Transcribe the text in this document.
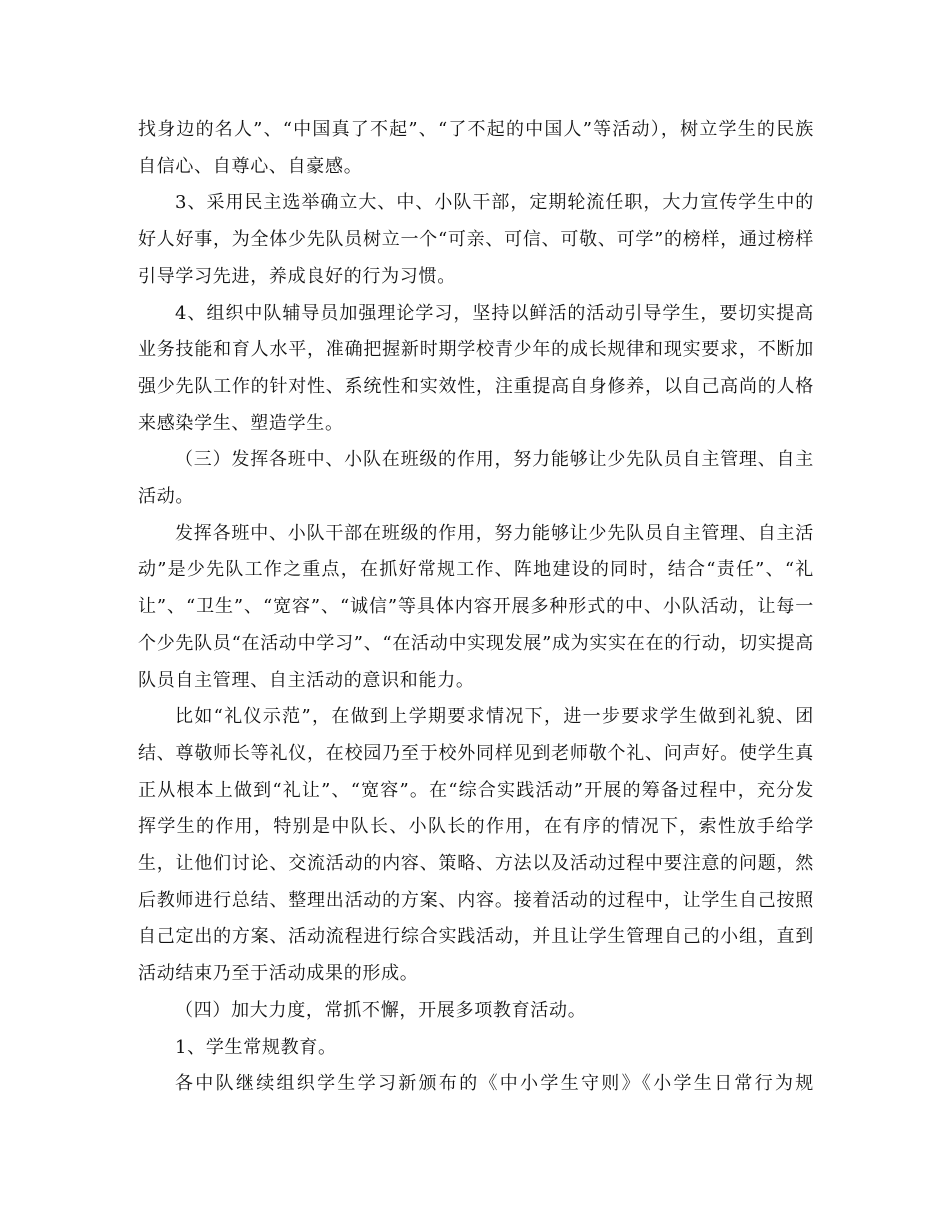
找身边的名人”、“中国真了不起”、“了不起的中国人”等活动），树立学生的民族自信心、自尊心、自豪感。

3、采用民主选举确立大、中、小队干部，定期轮流任职，大力宣传学生中的好人好事，为全体少先队员树立一个“可亲、可信、可敬、可学”的榜样，通过榜样引导学习先进，养成良好的行为习惯。

4、组织中队辅导员加强理论学习，坚持以鲜活的活动引导学生，要切实提高业务技能和育人水平，准确把握新时期学校青少年的成长规律和现实要求，不断加强少先队工作的针对性、系统性和实效性，注重提高自身修养，以自己高尚的人格来感染学生、塑造学生。

（三）发挥各班中、小队在班级的作用，努力能够让少先队员自主管理、自主活动。

发挥各班中、小队干部在班级的作用，努力能够让少先队员自主管理、自主活动”是少先队工作之重点，在抓好常规工作、阵地建设的同时，结合“责任”、“礼让”、“卫生”、“宽容”、“诚信”等具体内容开展多种形式的中、小队活动，让每一个少先队员“在活动中学习”、“在活动中实现发展”成为实实在在的行动，切实提高队员自主管理、自主活动的意识和能力。

比如“礼仪示范”，在做到上学期要求情况下，进一步要求学生做到礼貌、团结、尊敬师长等礼仪，在校园乃至于校外同样见到老师敬个礼、问声好。使学生真正从根本上做到“礼让”、“宽容”。在“综合实践活动”开展的筹备过程中，充分发挥学生的作用，特别是中队长、小队长的作用，在有序的情况下，索性放手给学生，让他们讨论、交流活动的内容、策略、方法以及活动过程中要注意的问题，然后教师进行总结、整理出活动的方案、内容。接着活动的过程中，让学生自己按照自己定出的方案、活动流程进行综合实践活动，并且让学生管理自己的小组，直到活动结束乃至于活动成果的形成。

（四）加大力度，常抓不懈，开展多项教育活动。

1、学生常规教育。

各中队继续组织学生学习新颁布的《中小学生守则》《小学生日常行为规
